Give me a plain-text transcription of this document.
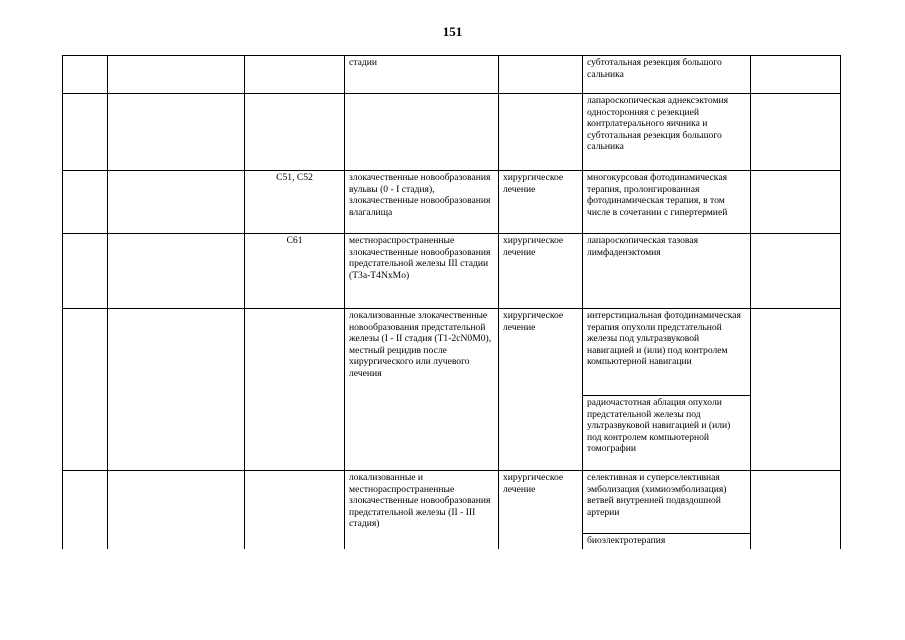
151
			стадии		субтотальная резекция большого сальника	
					лапароскопическая аднексэктомия односторонняя с резекцией контрлатерального яичника и субтотальная резекция большого сальника	
		C51, C52	злокачественные новообразования вульвы (0 - I стадия), злокачественные новообразования влагалища	хирургическое лечение	многокурсовая фотодинамическая терапия, пролонгированная фотодинамическая терапия, в том числе в сочетании с гипертермией	
		C61	местнораспространенные злокачественные новообразования предстательной железы III стадии (T3a-T4NxMo)	хирургическое лечение	лапароскопическая тазовая лимфаденэктомия	
			локализованные злокачественные новообразования предстательной железы (I - II стадия (T1-2cN0M0), местный рецидив после хирургического или лучевого лечения	хирургическое лечение	интерстициальная фотодинамическая терапия опухоли предстательной железы под ультразвуковой навигацией и (или) под контролем компьютерной навигации
радиочастотная аблация опухоли предстательной железы под ультразвуковой навигацией и (или) под контролем компьютерной томографии	

			локализованные и местнораспространенные злокачественные новообразования предстательной железы (II - III стадия)	хирургическое лечение	селективная и суперселективная эмболизация (химиоэмболизация) ветвей внутренней подвздошной артерии
биоэлектротерапия	
